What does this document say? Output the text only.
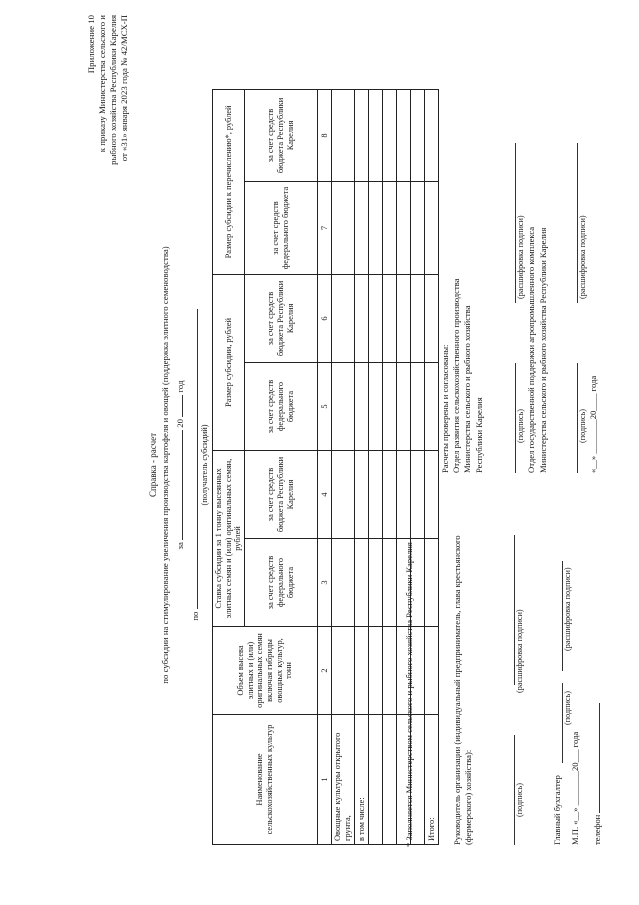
Приложение 10 к приказу Министерства сельского и рыбного хозяйства Республики Карелия от «31» января 2023 года № 42/МСХ-П
Справка - расчет по субсидии на стимулирование увеличения производства картофеля и овощей (поддержка элитного семеноводства) за  20  год
по
(получатель субсидий)
Наименование сельскохозяйственных культур	Объем высева элитных и (или) оригинальных семян включая гибриды овощных культур, тонн	Ставка субсидии за 1 тонну высеянных элитных семян и (или) оригинальных семян, рублей		Размер субсидии, рублей		Размер субсидии к перечислению*, рублей	
		за счет средств федерального бюджета	за счет средств бюджета Республики Карелия	за счет средств федерального бюджета	за счет средств бюджета Республики Карелия	за счет средств федерального бюджета	за счет средств бюджета Республики Карелия
1	2	3	4	5	6	7	8
Овощные культуры открытого грунта,							
в том числе:							

Итого:							
* Заполняется Министерством сельского и рыбного хозяйства Республики Карелия	Руководитель организации (индивидуальный предприниматель, глава крестьянского (фермерского) хозяйства):	(подпись)
(расшифровка подписи)
Главный бухгалтер
(подпись)
(расшифровка подписи)
М.П. «__» ________20___ года телефон
Расчеты проверены и согласованы: Отдел развития сельскохозяйственного производства Министерства сельского и рыбного хозяйства Республики Карелия	(подпись)
(расшифровка подписи) Отдел государственной поддержки агропромышленного комплекса Министерства сельского и рыбного хозяйства Республики Карелия	(подпись)
(расшифровка подписи)
«__» ________20____ года
